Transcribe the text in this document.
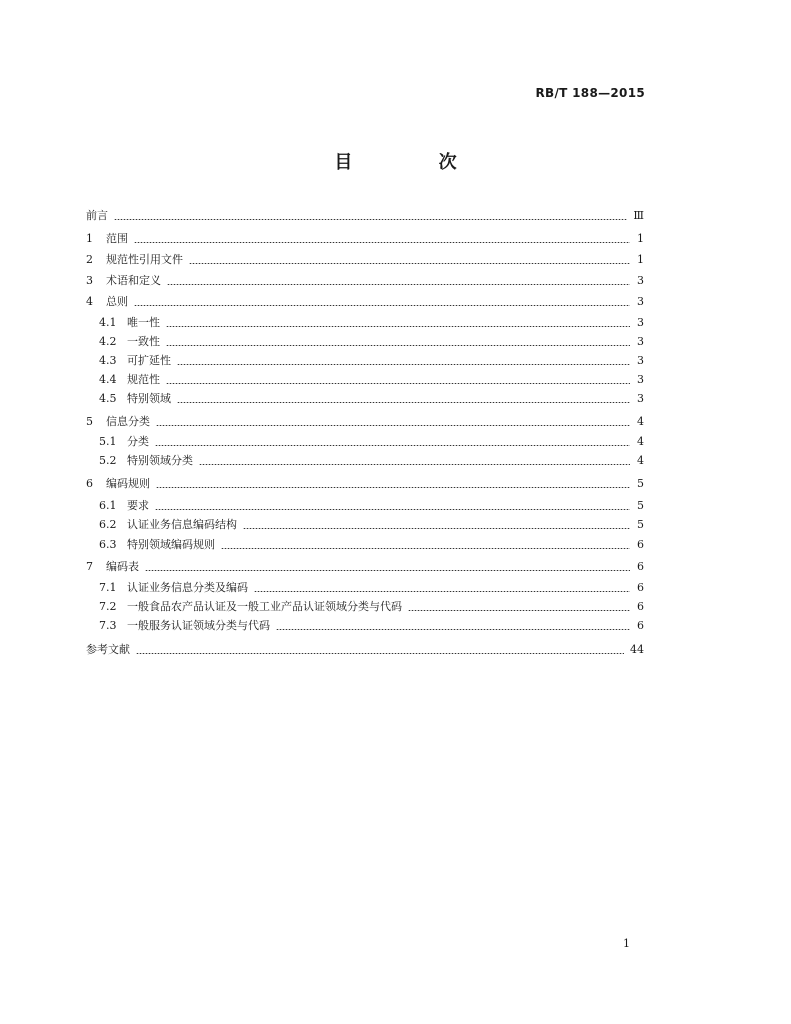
RB/T 188—2015
目 次
前言	Ⅲ
1	范围	1
2	规范性引用文件	1
3	术语和定义	3
4	总则	3
4.1 唯一性	3
4.2 一致性	3
4.3 可扩延性	3
4.4 规范性	3
4.5 特别领域	3
5	信息分类	4
5.1 分类	4
5.2 特别领域分类	4
6	编码规则	5
6.1 要求	5
6.2 认证业务信息编码结构	5
6.3 特别领域编码规则	6
7	编码表	6
7.1 认证业务信息分类及编码	6
7.2 一般食品农产品认证及一般工业产品认证领域分类与代码	6
7.3 一般服务认证领域分类与代码	6
参考文献	44
1
